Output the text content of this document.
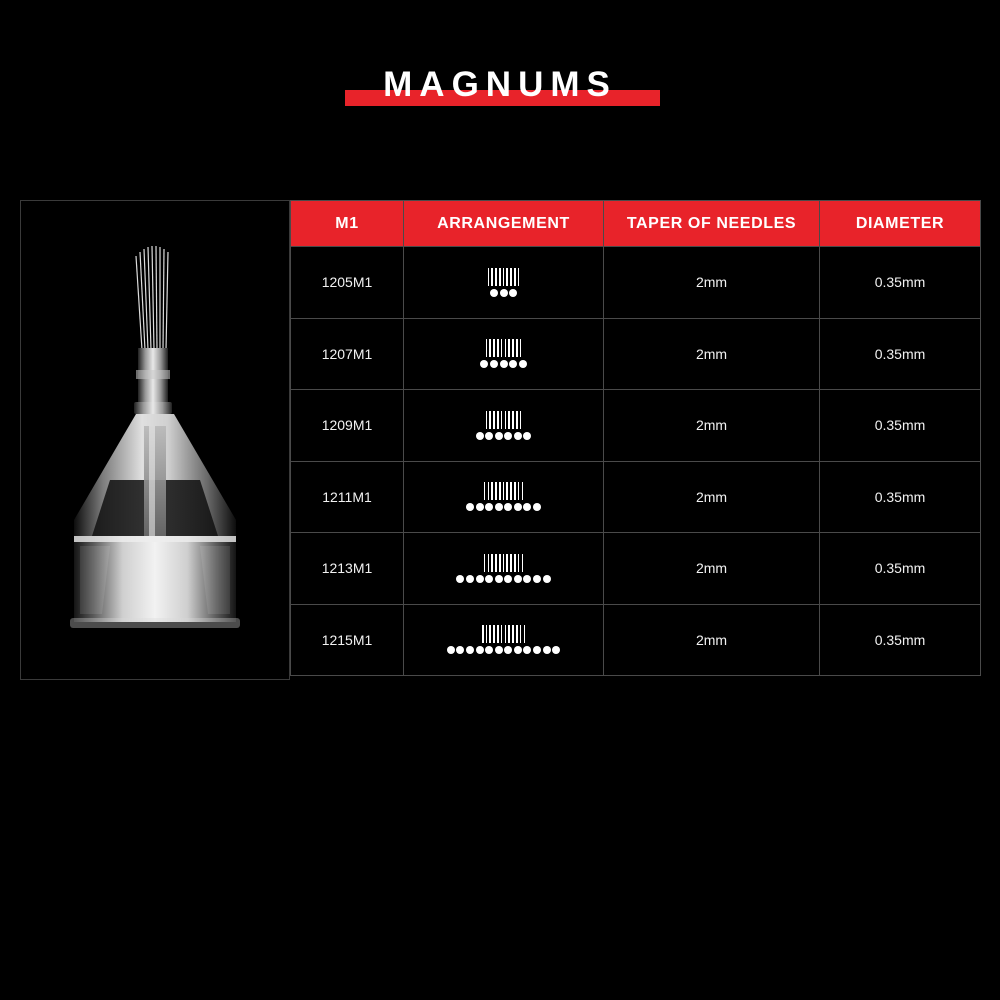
MAGNUMS
M1	ARRANGEMENT	TAPER OF NEEDLES	DIAMETER
1205M1		2mm	0.35mm
1207M1		2mm	0.35mm
1209M1		2mm	0.35mm
1211M1		2mm	0.35mm
1213M1		2mm	0.35mm
1215M1		2mm	0.35mm
